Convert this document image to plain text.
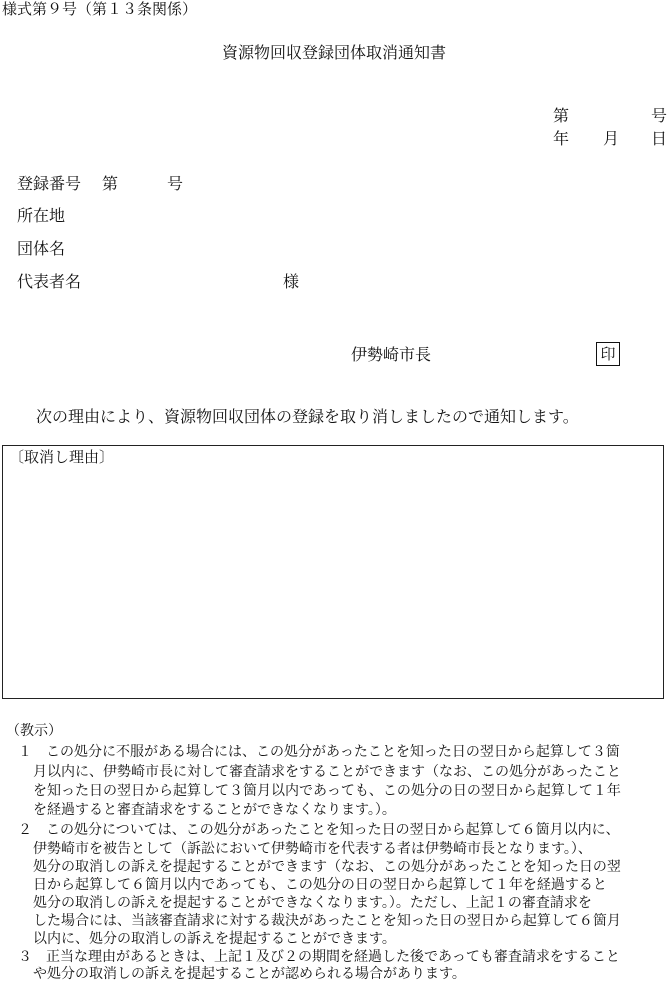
様式第９号（第１３条関係）
資源物回収登録団体取消通知書
第	号
年 月 日
登録番号 第	号
所在地
団体名
代表者名	様
伊勢崎市長	印
次の理由により、資源物回収団体の登録を取り消しましたので通知します。
〔取消し理由〕
（教示）
１　この処分に不服がある場合には、この処分があったことを知った日の翌日から起算して３箇
月以内に、伊勢崎市長に対して審査請求をすることができます（なお、この処分があったこと
を知った日の翌日から起算して３箇月以内であっても、この処分の日の翌日から起算して１年
を経過すると審査請求をすることができなくなります。）。
２　この処分については、この処分があったことを知った日の翌日から起算して６箇月以内に、
伊勢崎市を被告として（訴訟において伊勢崎市を代表する者は伊勢崎市長となります。）、
処分の取消しの訴えを提起することができます（なお、この処分があったことを知った日の翌
日から起算して６箇月以内であっても、この処分の日の翌日から起算して１年を経過すると
処分の取消しの訴えを提起することができなくなります。）。ただし、上記１の審査請求を
した場合には、当該審査請求に対する裁決があったことを知った日の翌日から起算して６箇月
以内に、処分の取消しの訴えを提起することができます。
３　正当な理由があるときは、上記１及び２の期間を経過した後であっても審査請求をすること
や処分の取消しの訴えを提起することが認められる場合があります。
